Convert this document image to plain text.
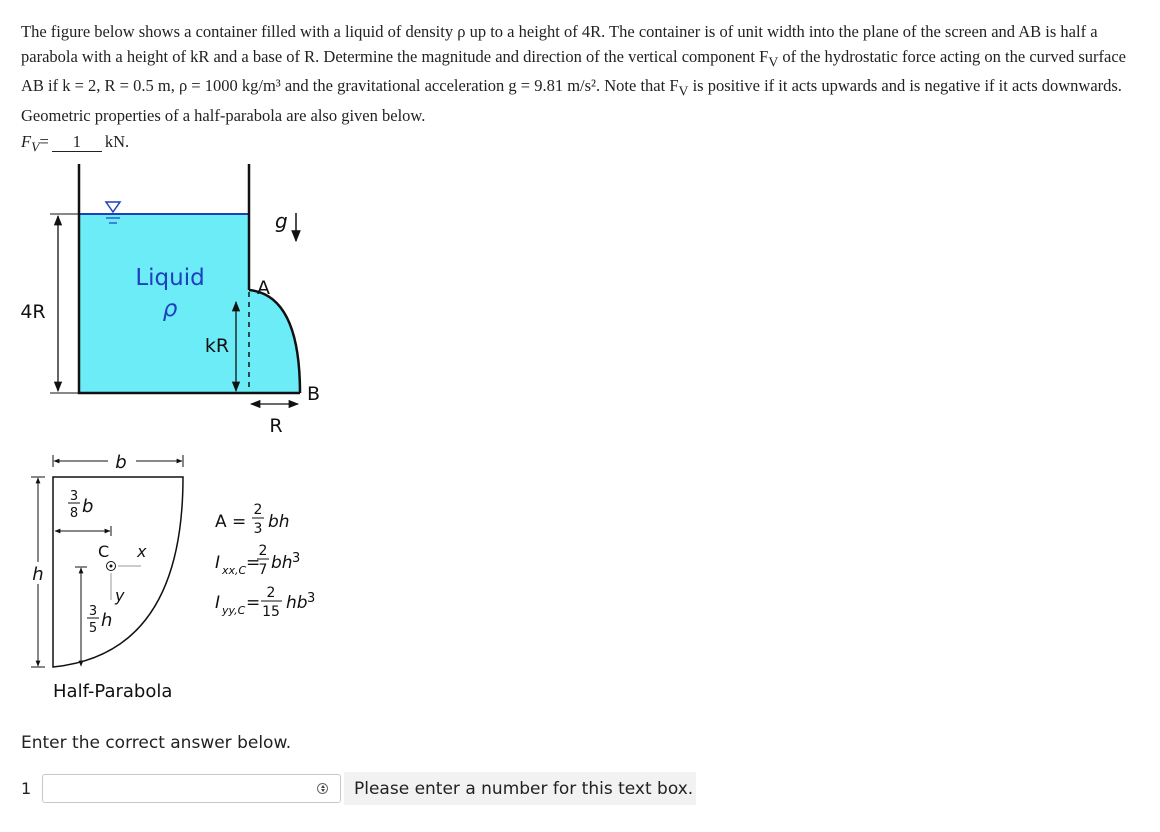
The figure below shows a container filled with a liquid of density ρ up to a height of 4R. The container is of unit width into the plane of the screen and AB is half a parabola with a height of kR and a base of R. Determine the magnitude and direction of the vertical component $F_V$ of the hydrostatic force acting on the curved surface AB if k = 2, R = 0.5 m, ρ = 1000 kg/m³ and the gravitational acceleration g = 9.81 m/s². Note that $F_V$ is positive if it acts upwards and is negative if it acts downwards. Geometric properties of a half-parabola are also given below.
$F_V= 1$ kN.
g
Liquid
ρ
A
B
4R
kR
R
b
h
3
8 b
C x
y
3
5 h
Half-Parabola
A =
2
3 bh
I xx,C =
2
7 bh 3
I yy,C = 2
15 hb 3
Enter the correct answer below.
1	Please enter a number for this text box.
